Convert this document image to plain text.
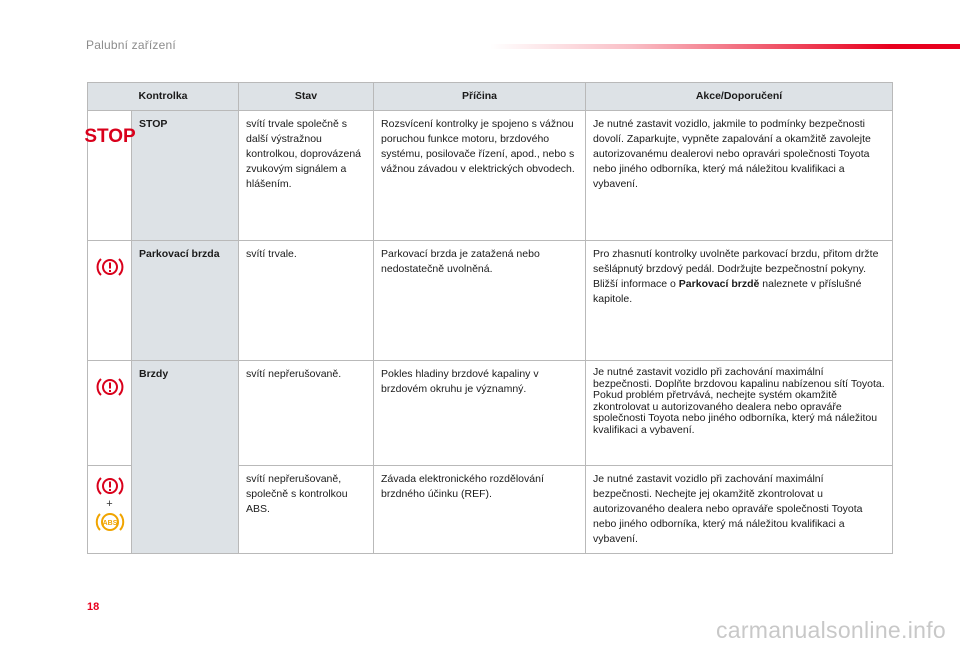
Palubní zařízení
Kontrolka		Stav	Příčina	Akce/Doporučení

STOP	STOP	svítí trvale společně s další výstražnou kontrolkou, doprovázená zvukovým signálem a hlášením.	Rozsvícení kontrolky je spojeno s vážnou poruchou funkce motoru, brzdového systému, posilovače řízení, apod., nebo s vážnou závadou v elektrických obvodech.	Je nutné zastavit vozidlo, jakmile to podmínky bezpečnosti dovolí. Zaparkujte, vypněte zapalování a okamžitě zavolejte autorizovanému dealerovi nebo opravári společnosti Toyota nebo jiného odborníka, který má náležitou kvalifikaci a vybavení.

	Parkovací brzda	svítí trvale.	Parkovací brzda je zatažená nebo nedostatečně uvolněná.	Pro zhasnutí kontrolky uvolněte parkovací brzdu, přitom držte sešlápnutý brzdový pedál. Dodržujte bezpečnostní pokyny. Bližší informace o Parkovací brzdě naleznete v příslušné kapitole.

	Brzdy	svítí nepřerušovaně.	Pokles hladiny brzdové kapaliny v brzdovém okruhu je významný.	Je nutné zastavit vozidlo při zachování maximální bezpečnosti. Doplňte brzdovou kapalinu nabízenou sítí Toyota. Pokud problém přetrvává, nechejte systém okamžitě zkontrolovat u autorizovaného dealera nebo opraváře společnosti Toyota nebo jiného odborníka, který má náležitou kvalifikaci a vybavení.

+
ABS		svítí nepřerušovaně, společně s kontrolkou ABS.	Závada elektronického rozdělování brzdného účinku (REF).	Je nutné zastavit vozidlo při zachování maximální bezpečnosti. Nechejte jej okamžitě zkontrolovat u autorizovaného dealera nebo opraváře společnosti Toyota nebo jiného odborníka, který má náležitou kvalifikaci a vybavení.
18
carmanualsonline.info
